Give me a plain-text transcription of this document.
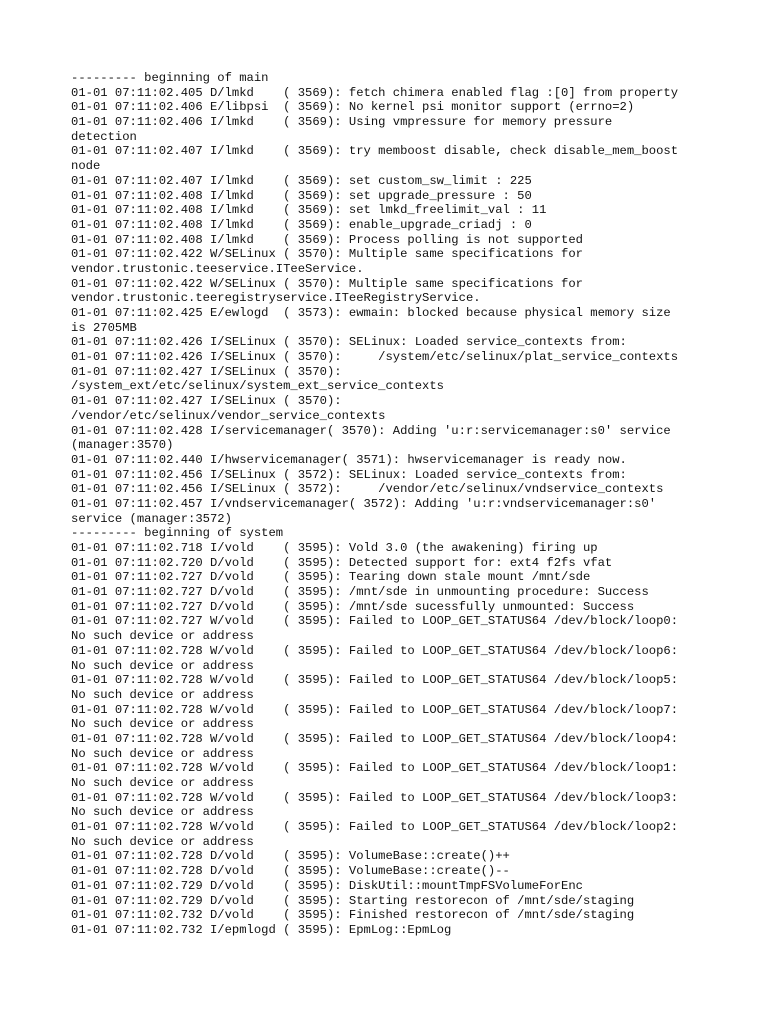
--------- beginning of main
01-01 07:11:02.405 D/lmkd    ( 3569): fetch chimera enabled flag :[0] from property
01-01 07:11:02.406 E/libpsi  ( 3569): No kernel psi monitor support (errno=2)
01-01 07:11:02.406 I/lmkd    ( 3569): Using vmpressure for memory pressure
detection
01-01 07:11:02.407 I/lmkd    ( 3569): try memboost disable, check disable_mem_boost
node
01-01 07:11:02.407 I/lmkd    ( 3569): set custom_sw_limit : 225
01-01 07:11:02.408 I/lmkd    ( 3569): set upgrade_pressure : 50
01-01 07:11:02.408 I/lmkd    ( 3569): set lmkd_freelimit_val : 11
01-01 07:11:02.408 I/lmkd    ( 3569): enable_upgrade_criadj : 0
01-01 07:11:02.408 I/lmkd    ( 3569): Process polling is not supported
01-01 07:11:02.422 W/SELinux ( 3570): Multiple same specifications for
vendor.trustonic.teeservice.ITeeService.
01-01 07:11:02.422 W/SELinux ( 3570): Multiple same specifications for
vendor.trustonic.teeregistryservice.ITeeRegistryService.
01-01 07:11:02.425 E/ewlogd  ( 3573): ewmain: blocked because physical memory size
is 2705MB
01-01 07:11:02.426 I/SELinux ( 3570): SELinux: Loaded service_contexts from:
01-01 07:11:02.426 I/SELinux ( 3570):     /system/etc/selinux/plat_service_contexts
01-01 07:11:02.427 I/SELinux ( 3570):
/system_ext/etc/selinux/system_ext_service_contexts
01-01 07:11:02.427 I/SELinux ( 3570):
/vendor/etc/selinux/vendor_service_contexts
01-01 07:11:02.428 I/servicemanager( 3570): Adding 'u:r:servicemanager:s0' service
(manager:3570)
01-01 07:11:02.440 I/hwservicemanager( 3571): hwservicemanager is ready now.
01-01 07:11:02.456 I/SELinux ( 3572): SELinux: Loaded service_contexts from:
01-01 07:11:02.456 I/SELinux ( 3572):     /vendor/etc/selinux/vndservice_contexts
01-01 07:11:02.457 I/vndservicemanager( 3572): Adding 'u:r:vndservicemanager:s0'
service (manager:3572)
--------- beginning of system
01-01 07:11:02.718 I/vold    ( 3595): Vold 3.0 (the awakening) firing up
01-01 07:11:02.720 D/vold    ( 3595): Detected support for: ext4 f2fs vfat
01-01 07:11:02.727 D/vold    ( 3595): Tearing down stale mount /mnt/sde
01-01 07:11:02.727 D/vold    ( 3595): /mnt/sde in unmounting procedure: Success
01-01 07:11:02.727 D/vold    ( 3595): /mnt/sde sucessfully unmounted: Success
01-01 07:11:02.727 W/vold    ( 3595): Failed to LOOP_GET_STATUS64 /dev/block/loop0:
No such device or address
01-01 07:11:02.728 W/vold    ( 3595): Failed to LOOP_GET_STATUS64 /dev/block/loop6:
No such device or address
01-01 07:11:02.728 W/vold    ( 3595): Failed to LOOP_GET_STATUS64 /dev/block/loop5:
No such device or address
01-01 07:11:02.728 W/vold    ( 3595): Failed to LOOP_GET_STATUS64 /dev/block/loop7:
No such device or address
01-01 07:11:02.728 W/vold    ( 3595): Failed to LOOP_GET_STATUS64 /dev/block/loop4:
No such device or address
01-01 07:11:02.728 W/vold    ( 3595): Failed to LOOP_GET_STATUS64 /dev/block/loop1:
No such device or address
01-01 07:11:02.728 W/vold    ( 3595): Failed to LOOP_GET_STATUS64 /dev/block/loop3:
No such device or address
01-01 07:11:02.728 W/vold    ( 3595): Failed to LOOP_GET_STATUS64 /dev/block/loop2:
No such device or address
01-01 07:11:02.728 D/vold    ( 3595): VolumeBase::create()++
01-01 07:11:02.728 D/vold    ( 3595): VolumeBase::create()--
01-01 07:11:02.729 D/vold    ( 3595): DiskUtil::mountTmpFSVolumeForEnc
01-01 07:11:02.729 D/vold    ( 3595): Starting restorecon of /mnt/sde/staging
01-01 07:11:02.732 D/vold    ( 3595): Finished restorecon of /mnt/sde/staging
01-01 07:11:02.732 I/epmlogd ( 3595): EpmLog::EpmLog
